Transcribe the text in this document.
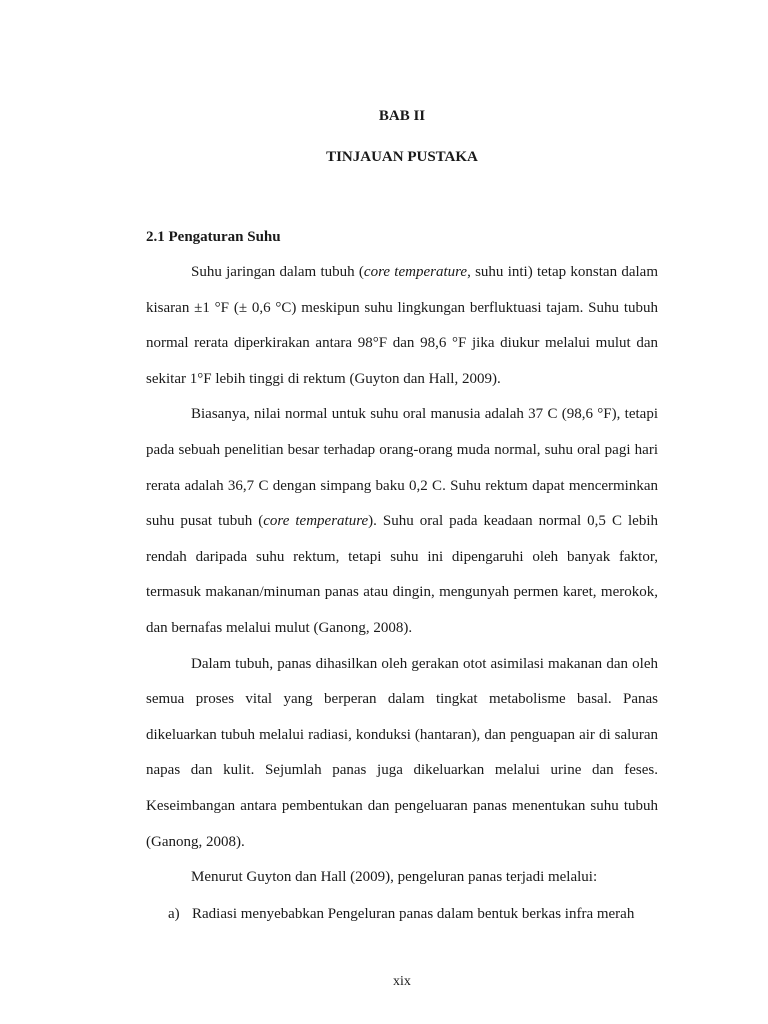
BAB II
TINJAUAN PUSTAKA
2.1 Pengaturan Suhu

Suhu jaringan dalam tubuh (core temperature, suhu inti) tetap konstan dalam kisaran ±1 °F (± 0,6 °C) meskipun suhu lingkungan berfluktuasi tajam. Suhu tubuh normal rerata diperkirakan antara 98°F dan 98,6 °F jika diukur melalui mulut dan sekitar 1°F lebih tinggi di rektum (Guyton dan Hall, 2009).

Biasanya, nilai normal untuk suhu oral manusia adalah 37 C (98,6 °F), tetapi pada sebuah penelitian besar terhadap orang-orang muda normal, suhu oral pagi hari rerata adalah 36,7 C dengan simpang baku 0,2 C. Suhu rektum dapat mencerminkan suhu pusat tubuh (core temperature). Suhu oral pada keadaan normal 0,5 C lebih rendah daripada suhu rektum, tetapi suhu ini dipengaruhi oleh banyak faktor, termasuk makanan/minuman panas atau dingin, mengunyah permen karet, merokok, dan bernafas melalui mulut (Ganong, 2008).

Dalam tubuh, panas dihasilkan oleh gerakan otot asimilasi makanan dan oleh semua proses vital yang berperan dalam tingkat metabolisme basal. Panas dikeluarkan tubuh melalui radiasi, konduksi (hantaran), dan penguapan air di saluran napas dan kulit. Sejumlah panas juga dikeluarkan melalui urine dan feses. Keseimbangan antara pembentukan dan pengeluaran panas menentukan suhu tubuh (Ganong, 2008).

Menurut Guyton dan Hall (2009), pengeluran panas terjadi melalui:

a) Radiasi menyebabkan Pengeluran panas dalam bentuk berkas infra merah
xix
